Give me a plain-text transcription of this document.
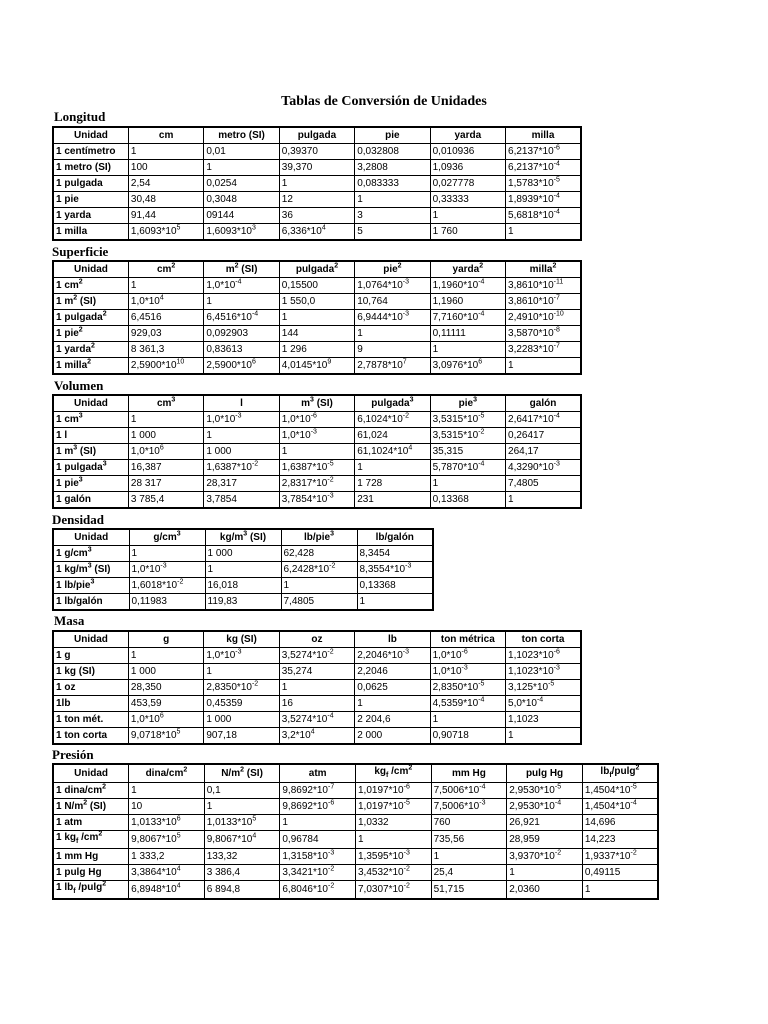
Tablas de Conversión de Unidades
Longitud
Unidad	cm	metro (SI)	pulgada	pie	yarda	milla
1 centímetro	1	0,01	0,39370	0,032808	0,010936	$6,2137*10^{-6}$
1 metro (SI)	100	1	39,370	3,2808	1,0936	$6,2137*10^{-4}$
1 pulgada	2,54	0,0254	1	0,083333	0,027778	$1,5783*10^{-5}$
1 pie	30,48	0,3048	12	1	0,33333	$1,8939*10^{-4}$
1 yarda	91,44	09144	36	3	1	$5,6818*10^{-4}$
1 milla	$1,6093*10^5$	$1,6093*10^3$	$6,336*10^4$	5	1 760	1
Superficie
Unidad	$cm^2$	$m^2$ (SI)	pulgada$^2$	pie$^2$	yarda$^2$	milla$^2$
1 $cm^2$	1	$1,0*10^{-4}$	0,15500	$1,0764*10^{-3}$	$1,1960*10^{-4}$	$3,8610*10^{-11}$
1 $m^2$ (SI)	$1,0*10^4$	1	1 550,0	10,764	1,1960	$3,8610*10^{-7}$
1 pulgada$^2$	6,4516	$6,4516*10^{-4}$	1	$6,9444*10^{-3}$	$7,7160*10^{-4}$	$2,4910*10^{-10}$
1 pie$^2$	929,03	0,092903	144	1	0,11111	$3,5870*10^{-8}$
1 yarda$^2$	8 361,3	0,83613	1 296	9	1	$3,2283*10^{-7}$
1 milla$^2$	$2,5900*10^{10}$	$2,5900*10^6$	$4,0145*10^9$	$2,7878*10^7$	$3,0976*10^6$	1
Volumen
Unidad	$cm^3$	l	$m^3$ (SI)	pulgada$^3$	pie$^3$	galón
1 $cm^3$	1	$1,0*10^{-3}$	$1,0*10^{-6}$	$6,1024*10^{-2}$	$3,5315*10^{-5}$	$2,6417*10^{-4}$
1 l	1 000	1	$1,0*10^{-3}$	61,024	$3,5315*10^{-2}$	0,26417
1 $m^3$ (SI)	$1,0*10^6$	1 000	1	$61,1024*10^4$	35,315	264,17
1 pulgada$^3$	16,387	$1,6387*10^{-2}$	$1,6387*10^{-5}$	1	$5,7870*10^{-4}$	$4,3290*10^{-3}$
1 pie$^3$	28 317	28,317	$2,8317*10^{-2}$	1 728	1	7,4805
1 galón	3 785,4	3,7854	$3,7854*10^{-3}$	231	0,13368	1
Densidad
Unidad	$g/cm^3$	$kg/m^3$ (SI)	lb/pie$^3$	lb/galón
1 $g/cm^3$	1	1 000	62,428	8,3454
1 $kg/m^3$ (SI)	$1,0*10^{-3}$	1	$6,2428*10^{-2}$	$8,3554*10^{-3}$
1 lb/pie$^3$	$1,6018*10^{-2}$	16,018	1	0,13368
1 lb/galón	0,11983	119,83	7,4805	1
Masa
Unidad	g	kg (SI)	oz	lb	ton métrica	ton corta
1 g	1	$1,0*10^{-3}$	$3,5274*10^{-2}$	$2,2046*10^{-3}$	$1,0*10^{-6}$	$1,1023*10^{-6}$
1 kg (SI)	1 000	1	35,274	2,2046	$1,0*10^{-3}$	$1,1023*10^{-3}$
1 oz	28,350	$2,8350*10^{-2}$	1	0,0625	$2,8350*10^{-5}$	$3,125*10^{-5}$
1lb	453,59	0,45359	16	1	$4,5359*10^{-4}$	$5,0*10^{-4}$
1 ton mét.	$1,0*10^6$	1 000	$3,5274*10^{-4}$	2 204,6	1	1,1023
1 ton corta	$9,0718*10^5$	907,18	$3,2*10^4$	2 000	0,90718	1
Presión
Unidad	dina/$cm^2$	$N/m^2$ (SI)	atm	$kg_f$ $/cm^2$	mm Hg	pulg Hg	$lb_f/pulg^2$
1 dina/$cm^2$	1	0,1	$9,8692*10^{-7}$	$1,0197*10^{-6}$	$7,5006*10^{-4}$	$2,9530*10^{-5}$	$1,4504*10^{-5}$
1 $N/m^2$ (SI)	10	1	$9,8692*10^{-6}$	$1,0197*10^{-5}$	$7,5006*10^{-3}$	$2,9530*10^{-4}$	$1,4504*10^{-4}$
1 atm	$1,0133*10^6$	$1,0133*10^5$	1	1,0332	760	26,921	14,696
1 $kg_f$ $/cm^2$	$9,8067*10^5$	$9,8067*10^4$	0,96784	1	735,56	28,959	14,223
1 mm Hg	1 333,2	133,32	$1,3158*10^{-3}$	$1,3595*10^{-3}$	1	$3,9370*10^{-2}$	$1,9337*10^{-2}$
1 pulg Hg	$3,3864*10^4$	3 386,4	$3,3421*10^{-2}$	$3,4532*10^{-2}$	25,4	1	0,49115
1 $lb_f$ /pulg$^2$	$6,8948*10^4$	6 894,8	$6,8046*10^{-2}$	$7,0307*10^{-2}$	51,715	2,0360	1
